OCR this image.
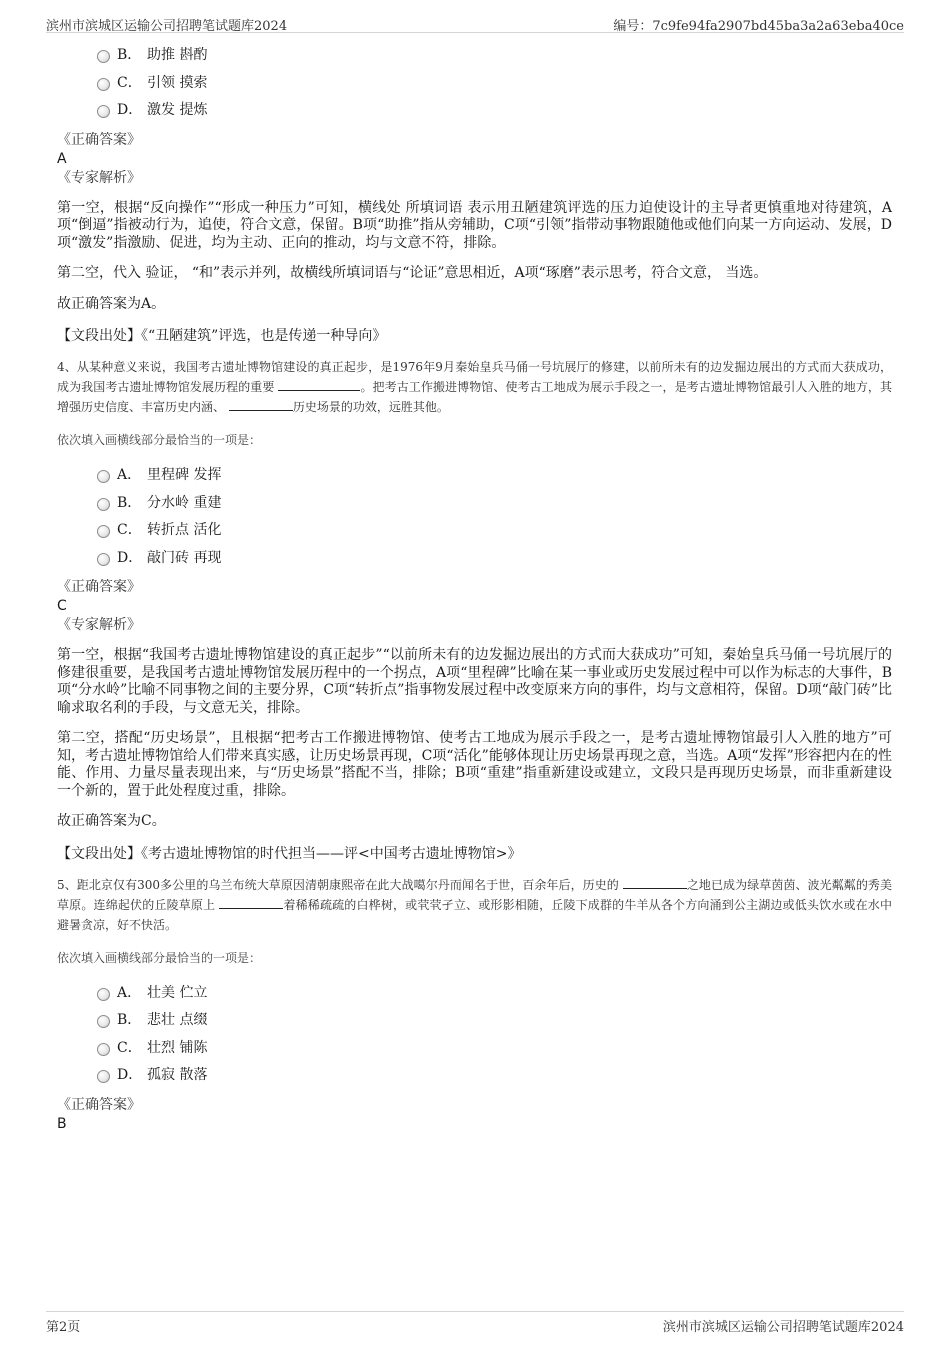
滨州市滨城区运输公司招聘笔试题库2024	编号：7c9fe94fa2907bd45ba3a2a63eba40ce
B． 助推 斟酌
C． 引领 摸索
D． 激发 提炼
《正确答案》
A
《专家解析》
第一空，根据“反向操作”“形成一种压力”可知，横线处 所填词语 表示用丑陋建筑评选的压力迫使设计的主导者更慎重地对待建筑，A项“倒逼”指被动行为，追使，符合文意，保留。B项“助推”指从旁辅助，C项“引领”指带动事物跟随他或他们向某一方向运动、发展，D项“激发”指激励、促进，均为主动、正向的推动，均与文意不符，排除。
第二空，代入 验证， “和”表示并列，故横线所填词语与“论证”意思相近，A项“琢磨”表示思考，符合文意， 当选。
故正确答案为A。
【文段出处】《“丑陋建筑”评选，也是传递一种导向》
4、从某种意义来说，我国考古遗址博物馆建设的真正起步，是1976年9月秦始皇兵马俑一号坑展厅的修建，以前所未有的边发掘边展出的方式而大获成功，成为我国考古遗址博物馆发展历程的重要	。把考古工作搬进博物馆、使考古工地成为展示手段之一，是考古遗址博物馆最引人入胜的地方，其增强历史信度、丰富历史内涵、	历史场景的功效，远胜其他。
依次填入画横线部分最恰当的一项是：
A． 里程碑 发挥
B． 分水岭 重建
C． 转折点 活化
D． 敲门砖 再现
《正确答案》
C
《专家解析》
第一空，根据“我国考古遗址博物馆建设的真正起步”“以前所未有的边发掘边展出的方式而大获成功”可知，秦始皇兵马俑一号坑展厅的修建很重要，是我国考古遗址博物馆发展历程中的一个拐点，A项“里程碑”比喻在某一事业或历史发展过程中可以作为标志的大事件，B项“分水岭”比喻不同事物之间的主要分界，C项“转折点”指事物发展过程中改变原来方向的事件，均与文意相符，保留。D项“敲门砖”比喻求取名利的手段，与文意无关，排除。
第二空，搭配“历史场景”，且根据“把考古工作搬进博物馆、使考古工地成为展示手段之一，是考古遗址博物馆最引人入胜的地方”可知，考古遗址博物馆给人们带来真实感，让历史场景再现，C项“活化”能够体现让历史场景再现之意，当选。A项“发挥”形容把内在的性能、作用、力量尽量表现出来，与“历史场景”搭配不当，排除；B项“重建”指重新建设或建立，文段只是再现历史场景，而非重新建设一个新的，置于此处程度过重，排除。
故正确答案为C。
【文段出处】《考古遗址博物馆的时代担当——评<中国考古遗址博物馆>》
5、距北京仅有300多公里的乌兰布统大草原因清朝康熙帝在此大战噶尔丹而闻名于世，百余年后，历史的	之地已成为绿草茵茵、波光粼粼的秀美草原。连绵起伏的丘陵草原上	着稀稀疏疏的白桦树，或茕茕孑立、或形影相随，丘陵下成群的牛羊从各个方向涌到公主湖边或低头饮水或在水中避暑贪凉，好不快活。
依次填入画横线部分最恰当的一项是：
A． 壮美 伫立
B． 悲壮 点缀
C． 壮烈 铺陈
D． 孤寂 散落
《正确答案》
B
第2页	滨州市滨城区运输公司招聘笔试题库2024
